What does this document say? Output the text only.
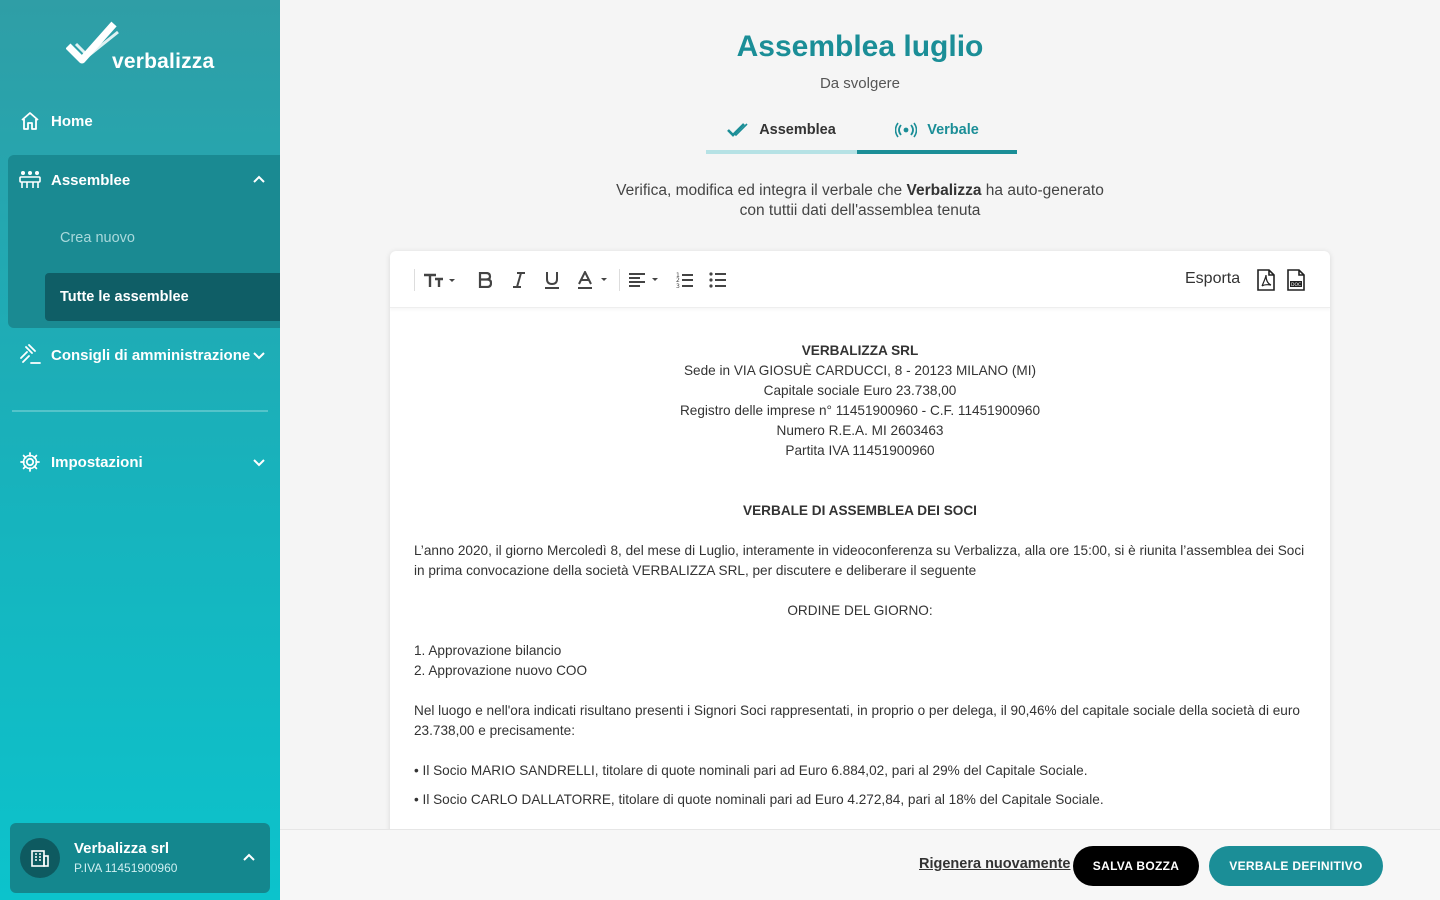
verbalizza
Home
Assemblee
Crea nuovo
Tutte le assemblee
Consigli di amministrazione
Impostazioni
Verbalizza srl
P.IVA 11451900960
Assemblea luglio
Da svolgere
Assemblea	Verbale
Verifica, modifica ed integra il verbale che Verbalizza ha auto-generato
con tuttii dati dell'assemblea tenuta
1
2
3	Esporta	DOC

VERBALIZZA SRL

Sede in VIA GIOSUÈ CARDUCCI, 8 - 20123 MILANO (MI)

Capitale sociale Euro 23.738,00

Registro delle imprese n° 11451900960 - C.F. 11451900960

Numero R.E.A. MI 2603463

Partita IVA 11451900960

VERBALE DI ASSEMBLEA DEI SOCI

L’anno 2020, il giorno Mercoledì 8, del mese di Luglio, interamente in videoconferenza su Verbalizza, alla ore 15:00, si è riunita l’assemblea dei Soci in prima convocazione della società VERBALIZZA SRL, per discutere e deliberare il seguente

ORDINE DEL GIORNO:

1. Approvazione bilancio

2. Approvazione nuovo COO

Nel luogo e nell'ora indicati risultano presenti i Signori Soci rappresentati, in proprio o per delega, il 90,46% del capitale sociale della società di euro 23.738,00 e precisamente:

• Il Socio MARIO SANDRELLI, titolare di quote nominali pari ad Euro 6.884,02, pari al 29% del Capitale Sociale.

• Il Socio CARLO DALLATORRE, titolare di quote nominali pari ad Euro 4.272,84, pari al 18% del Capitale Sociale.

Rigenera nuovamente	SALVA BOZZA	VERBALE DEFINITIVO
